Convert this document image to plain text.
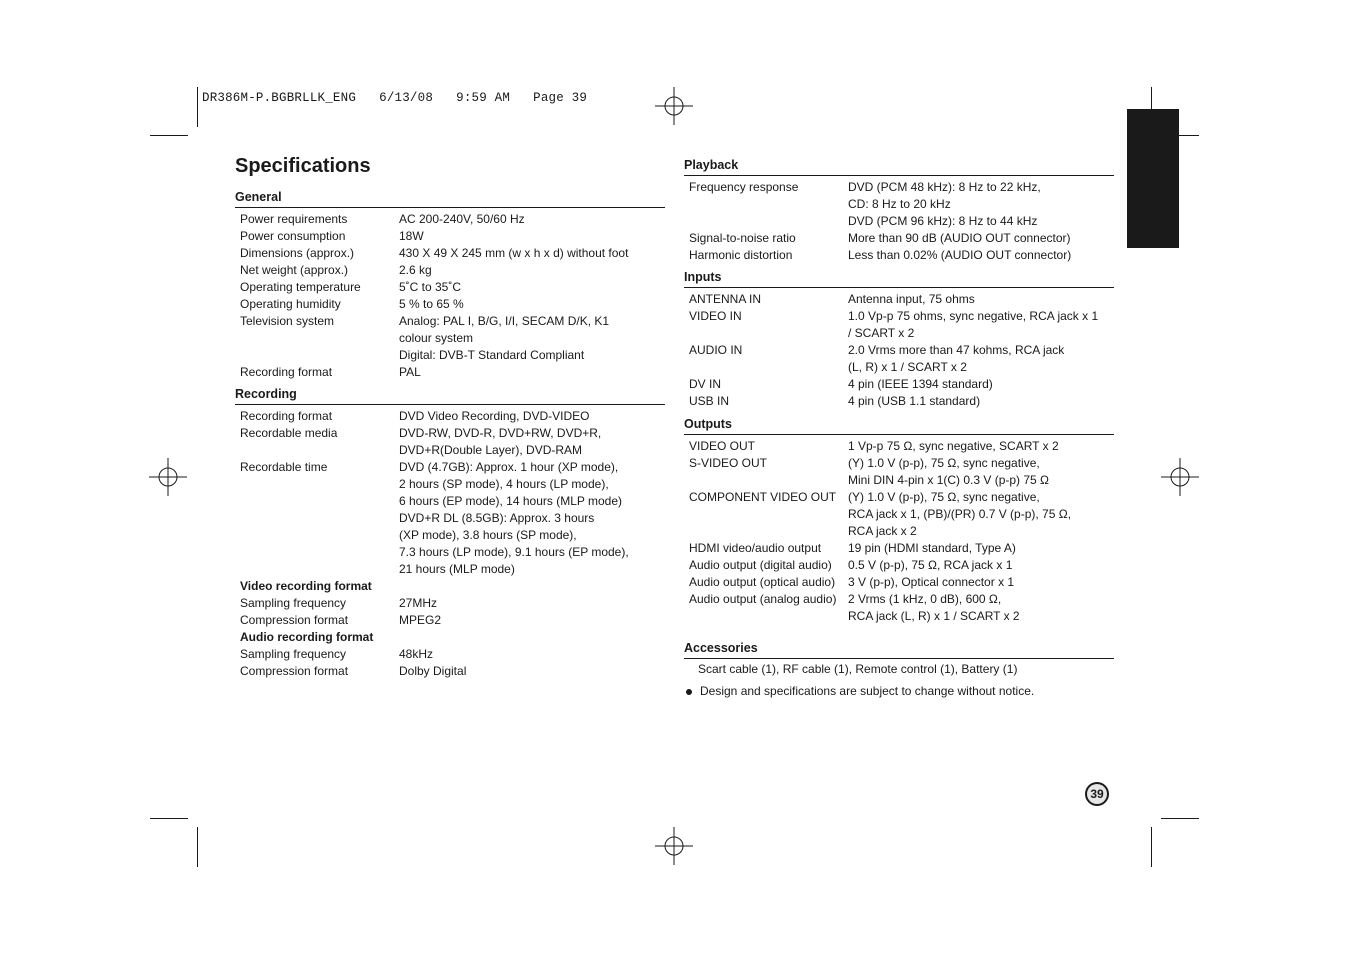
DR386M-P.BGBRLLK_ENG   6/13/08   9:59 AM   Page 39
Specifications
General
Power requirements	AC 200-240V, 50/60 Hz
Power consumption	18W
Dimensions (approx.)	430 X 49 X 245 mm (w x h x d) without foot
Net weight (approx.)	2.6 kg
Operating temperature	5˚C to 35˚C
Operating humidity	5 % to 65 %
Television system	Analog: PAL I, B/G, I/I, SECAM D/K, K1
colour system
Digital: DVB-T Standard Compliant
Recording format	PAL
Recording
Recording format	DVD Video Recording, DVD-VIDEO
Recordable media	DVD-RW, DVD-R, DVD+RW, DVD+R,
DVD+R(Double Layer), DVD-RAM
Recordable time	DVD (4.7GB): Approx. 1 hour (XP mode),
2 hours (SP mode), 4 hours (LP mode),
6 hours (EP mode), 14 hours (MLP mode)
DVD+R DL (8.5GB): Approx. 3 hours
(XP mode), 3.8 hours (SP mode),
7.3 hours (LP mode), 9.1 hours (EP mode),
21 hours (MLP mode)
Video recording format
Sampling frequency	27MHz
Compression format	MPEG2
Audio recording format
Sampling frequency	48kHz
Compression format	Dolby Digital
Playback
Frequency response	DVD (PCM 48 kHz): 8 Hz to 22 kHz,
CD: 8 Hz to 20 kHz
DVD (PCM 96 kHz): 8 Hz to 44 kHz
Signal-to-noise ratio	More than 90 dB (AUDIO OUT connector)
Harmonic distortion	Less than 0.02% (AUDIO OUT connector)
Inputs
ANTENNA IN	Antenna input, 75 ohms
VIDEO IN	1.0 Vp-p 75 ohms, sync negative, RCA jack x 1
/ SCART x 2
AUDIO IN	2.0 Vrms more than 47 kohms, RCA jack
(L, R) x 1 / SCART x 2
DV IN	4 pin (IEEE 1394 standard)
USB IN	4 pin (USB 1.1 standard)
Outputs
VIDEO OUT	1 Vp-p 75 Ω, sync negative, SCART x 2
S-VIDEO OUT	(Y) 1.0 V (p-p), 75 Ω, sync negative,
Mini DIN 4-pin x 1(C) 0.3 V (p-p) 75 Ω
COMPONENT VIDEO OUT (Y) 1.0 V (p-p), 75 Ω, sync negative,
RCA jack x 1, (PB)/(PR) 0.7 V (p-p), 75 Ω,
RCA jack x 2
HDMI video/audio output	19 pin (HDMI standard, Type A)
Audio output (digital audio)	0.5 V (p-p), 75 Ω, RCA jack x 1
Audio output (optical audio)	3 V (p-p), Optical connector x 1
Audio output (analog audio) 2 Vrms (1 kHz, 0 dB), 600 Ω,
RCA jack (L, R) x 1 / SCART x 2
Accessories
Scart cable (1), RF cable (1), Remote control (1), Battery (1)
Design and specifications are subject to change without notice.
39
